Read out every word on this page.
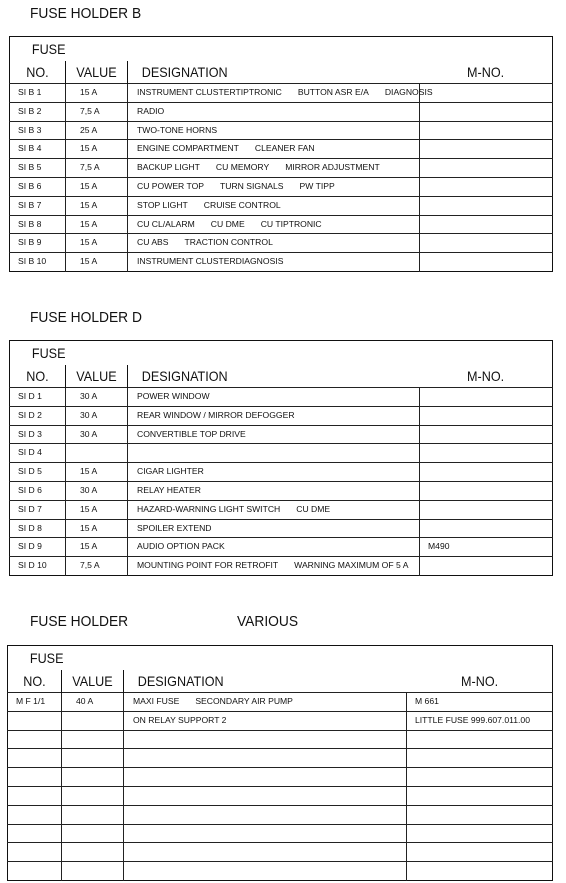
FUSE HOLDER B
FUSE			
NO.	VALUE	DESIGNATION	M-NO.
SI B 1	15 A	INSTRUMENT CLUSTERTIPTRONIC BUTTON ASR E/A DIAGNOSIS	
SI B 2	7,5 A	RADIO	
SI B 3	25 A	TWO-TONE HORNS	
SI B 4	15 A	ENGINE COMPARTMENT CLEANER FAN	
SI B 5	7,5 A	BACKUP LIGHT CU MEMORY MIRROR ADJUSTMENT	
SI B 6	15 A	CU POWER TOP TURN SIGNALS PW TIPP	
SI B 7	15 A	STOP LIGHT CRUISE CONTROL	
SI B 8	15 A	CU CL/ALARM CU DME CU TIPTRONIC	
SI B 9	15 A	CU ABS TRACTION CONTROL	
SI B 10	15 A	INSTRUMENT CLUSTERDIAGNOSIS	
FUSE HOLDER D
FUSE			
NO.	VALUE	DESIGNATION	M-NO.
SI D 1	30 A	POWER WINDOW	
SI D 2	30 A	REAR WINDOW / MIRROR DEFOGGER	
SI D 3	30 A	CONVERTIBLE TOP DRIVE	
SI D 4			
SI D 5	15 A	CIGAR LIGHTER	
SI D 6	30 A	RELAY HEATER	
SI D 7	15 A	HAZARD-WARNING LIGHT SWITCH CU DME	
SI D 8	15 A	SPOILER EXTEND	
SI D 9	15 A	AUDIO OPTION PACK	M490
SI D 10	7,5 A	MOUNTING POINT FOR RETROFIT WARNING MAXIMUM OF 5 A	
FUSE HOLDER	VARIOUS
FUSE			
NO.	VALUE	DESIGNATION	M-NO.
M F 1/1	40 A	MAXI FUSE SECONDARY AIR PUMP	M 661
		ON RELAY SUPPORT 2	LITTLE FUSE 999.607.011.00
